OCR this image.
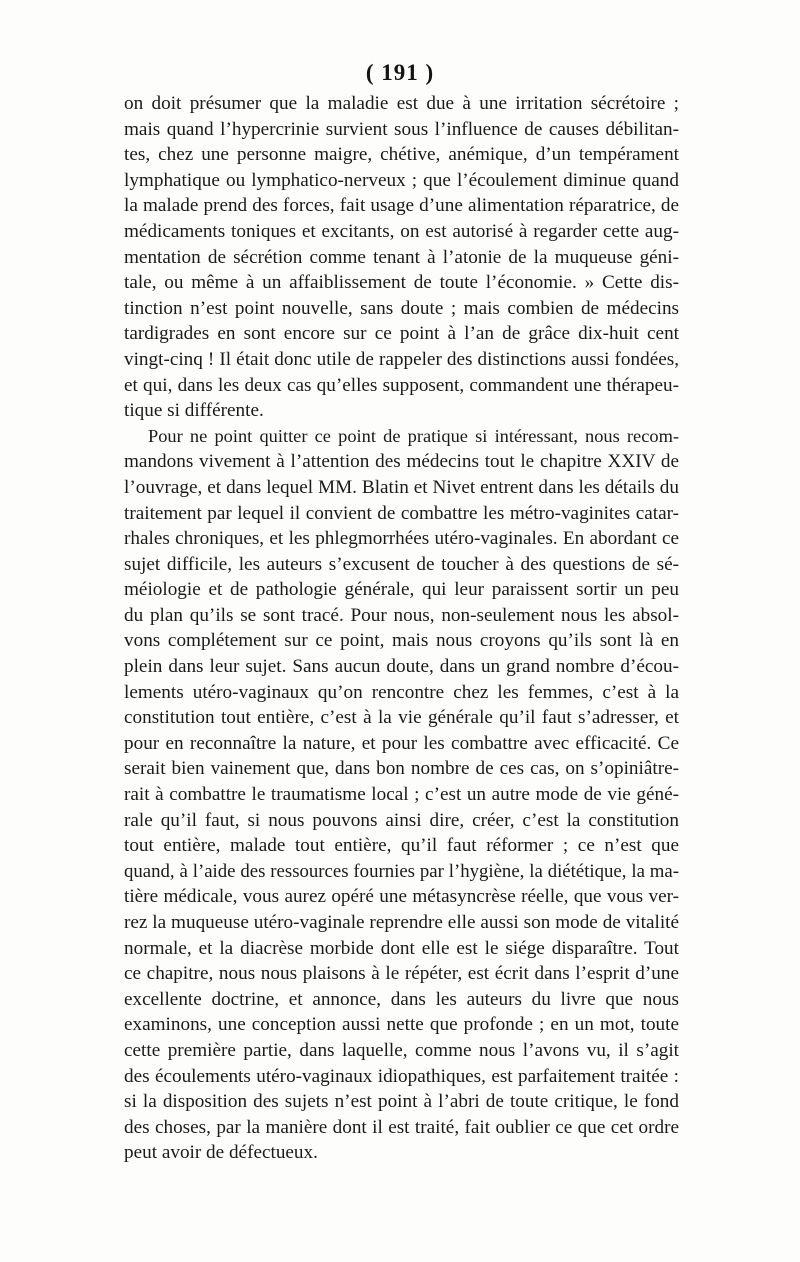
( 191 )

on doit présumer que la maladie est due à une irritation sécrétoire ;
mais quand l’hypercrinie survient sous l’influence de causes débilitan-
tes, chez une personne maigre, chétive, anémique, d’un tempérament
lymphatique ou lymphatico-nerveux ; que l’écoulement diminue quand
la malade prend des forces, fait usage d’une alimentation réparatrice, de
médicaments toniques et excitants, on est autorisé à regarder cette aug-
mentation de sécrétion comme tenant à l’atonie de la muqueuse géni-
tale, ou même à un affaiblissement de toute l’économie. » Cette dis-
tinction n’est point nouvelle, sans doute ; mais combien de médecins
tardigrades en sont encore sur ce point à l’an de grâce dix-huit cent
vingt-cinq ! Il était donc utile de rappeler des distinctions aussi fondées,
et qui, dans les deux cas qu’elles supposent, commandent une thérapeu-
tique si différente.

Pour ne point quitter ce point de pratique si intéressant, nous recom-
mandons vivement à l’attention des médecins tout le chapitre XXIV de
l’ouvrage, et dans lequel MM. Blatin et Nivet entrent dans les détails du
traitement par lequel il convient de combattre les métro-vaginites catar-
rhales chroniques, et les phlegmorrhées utéro-vaginales. En abordant ce
sujet difficile, les auteurs s’excusent de toucher à des questions de sé-
méiologie et de pathologie générale, qui leur paraissent sortir un peu
du plan qu’ils se sont tracé. Pour nous, non-seulement nous les absol-
vons complétement sur ce point, mais nous croyons qu’ils sont là en
plein dans leur sujet. Sans aucun doute, dans un grand nombre d’écou-
lements utéro-vaginaux qu’on rencontre chez les femmes, c’est à la
constitution tout entière, c’est à la vie générale qu’il faut s’adresser, et
pour en reconnaître la nature, et pour les combattre avec efficacité. Ce
serait bien vainement que, dans bon nombre de ces cas, on s’opiniâtre-
rait à combattre le traumatisme local ; c’est un autre mode de vie géné-
rale qu’il faut, si nous pouvons ainsi dire, créer, c’est la constitution
tout entière, malade tout entière, qu’il faut réformer ; ce n’est que
quand, à l’aide des ressources fournies par l’hygiène, la diététique, la ma-
tière médicale, vous aurez opéré une métasyncrèse réelle, que vous ver-
rez la muqueuse utéro-vaginale reprendre elle aussi son mode de vitalité
normale, et la diacrèse morbide dont elle est le siége disparaître. Tout
ce chapitre, nous nous plaisons à le répéter, est écrit dans l’esprit d’une
excellente doctrine, et annonce, dans les auteurs du livre que nous
examinons, une conception aussi nette que profonde ; en un mot, toute
cette première partie, dans laquelle, comme nous l’avons vu, il s’agit
des écoulements utéro-vaginaux idiopathiques, est parfaitement traitée :
si la disposition des sujets n’est point à l’abri de toute critique, le fond
des choses, par la manière dont il est traité, fait oublier ce que cet ordre
peut avoir de défectueux.
